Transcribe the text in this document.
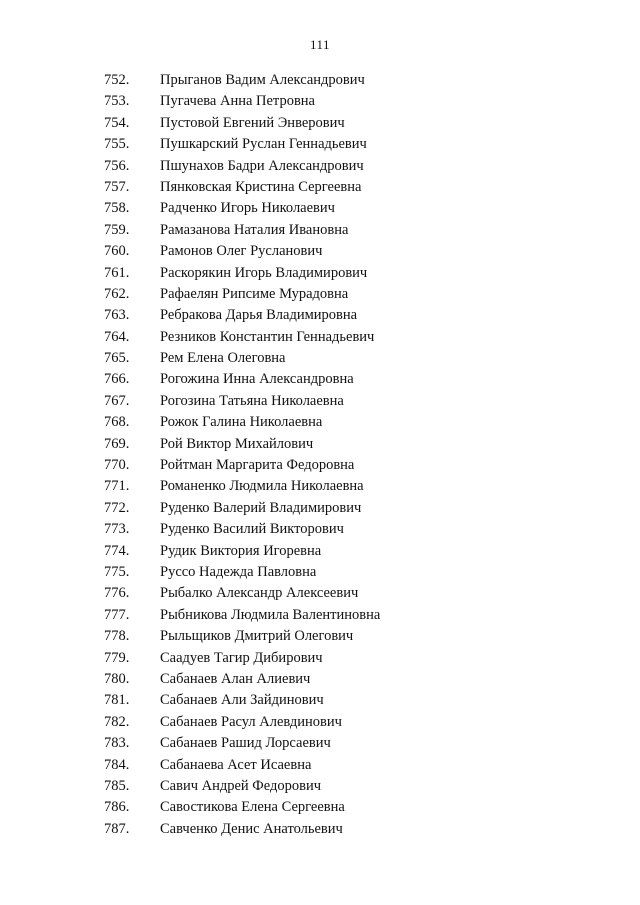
111
752. Прыганов Вадим Александрович
753. Пугачева Анна Петровна
754. Пустовой Евгений Энверович
755. Пушкарский Руслан Геннадьевич
756. Пшунахов Бадри Александрович
757. Пянковская Кристина Сергеевна
758. Радченко Игорь Николаевич
759. Рамазанова Наталия Ивановна
760. Рамонов Олег Русланович
761. Раскорякин Игорь Владимирович
762. Рафаелян Рипсиме Мурадовна
763. Ребракова Дарья Владимировна
764. Резников Константин Геннадьевич
765. Рем Елена Олеговна
766. Рогожина Инна Александровна
767. Рогозина Татьяна Николаевна
768. Рожок Галина Николаевна
769. Рой Виктор Михайлович
770. Ройтман Маргарита Федоровна
771. Романенко Людмила Николаевна
772. Руденко Валерий Владимирович
773. Руденко Василий Викторович
774. Рудик Виктория Игоревна
775. Руссо Надежда Павловна
776. Рыбалко Александр Алексеевич
777. Рыбникова Людмила Валентиновна
778. Рыльщиков Дмитрий Олегович
779. Саадуев Тагир Дибирович
780. Сабанаев Алан Алиевич
781. Сабанаев Али Зайдинович
782. Сабанаев Расул Алевдинович
783. Сабанаев Рашид Лорсаевич
784. Сабанаева Асет Исаевна
785. Савич Андрей Федорович
786. Савостикова Елена Сергеевна
787. Савченко Денис Анатольевич
